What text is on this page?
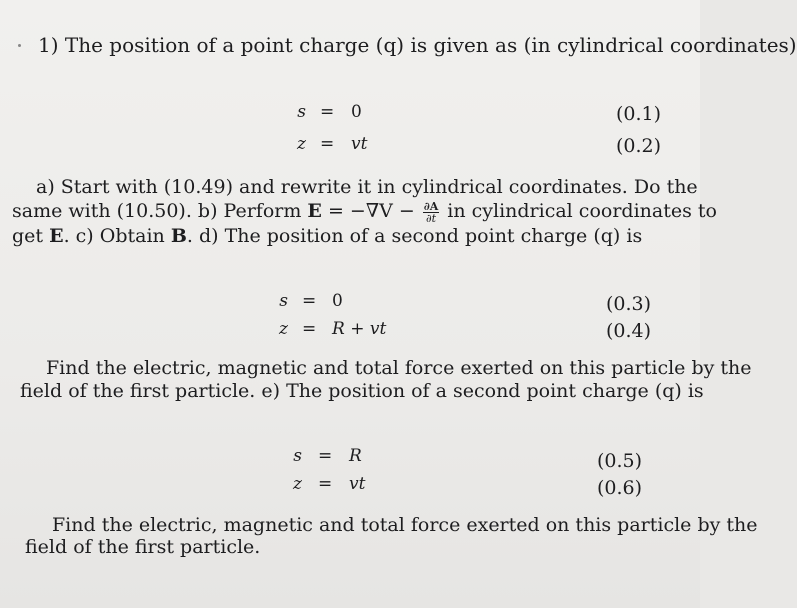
1) The position of a point charge (q) is given as (in cylindrical coordinates)
s = 0	(0.1)
z = vt	(0.2)
a) Start with (10.49) and rewrite it in cylindrical coordinates. Do the
same with (10.50). b) Perform $E = -\nabla V - \frac{\partial A}{\partial t}$ in cylindrical coordinates to
get E. c) Obtain B. d) The position of a second point charge (q) is
s = 0	(0.3)
z = R + vt	(0.4)
Find the electric, magnetic and total force exerted on this particle by the
field of the first particle. e) The position of a second point charge (q) is
s = R	(0.5)
z = vt	(0.6)
Find the electric, magnetic and total force exerted on this particle by the
field of the first particle.
